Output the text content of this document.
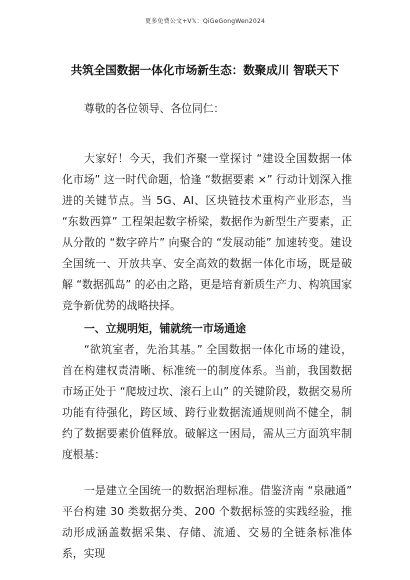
更多免费公文+V𝕏：QiGeGongWen2024
共筑全国数据一体化市场新生态：数聚成川 智联天下
尊敬的各位领导、各位同仁：

大家好！今天，我们齐聚一堂探讨 “建设全国数据一体化市场” 这一时代命题，恰逢 “数据要素 ×” 行动计划深入推进的关键节点。当 5G、AI、区块链技术重构产业形态，当 “东数西算” 工程架起数字桥梁，数据作为新型生产要素，正从分散的 “数字碎片” 向聚合的 “发展动能” 加速转变。建设全国统一、开放共享、安全高效的数据一体化市场，既是破解 “数据孤岛” 的必由之路，更是培育新质生产力、构筑国家竞争新优势的战略抉择。

一、立规明矩，铺就统一市场通途

“欲筑室者，先治其基。” 全国数据一体化市场的建设，首在构建权责清晰、标准统一的制度体系。当前，我国数据市场正处于 “爬坡过坎、滚石上山” 的关键阶段，数据交易所功能有待强化，跨区域、跨行业数据流通规则尚不健全，制约了数据要素价值释放。破解这一困局，需从三方面筑牢制度根基：

一是建立全国统一的数据治理标准。借鉴济南 “泉融通” 平台构建 30 类数据分类、200 个数据标签的实践经验，推动形成涵盖数据采集、存储、流通、交易的全链条标准体系，实现
